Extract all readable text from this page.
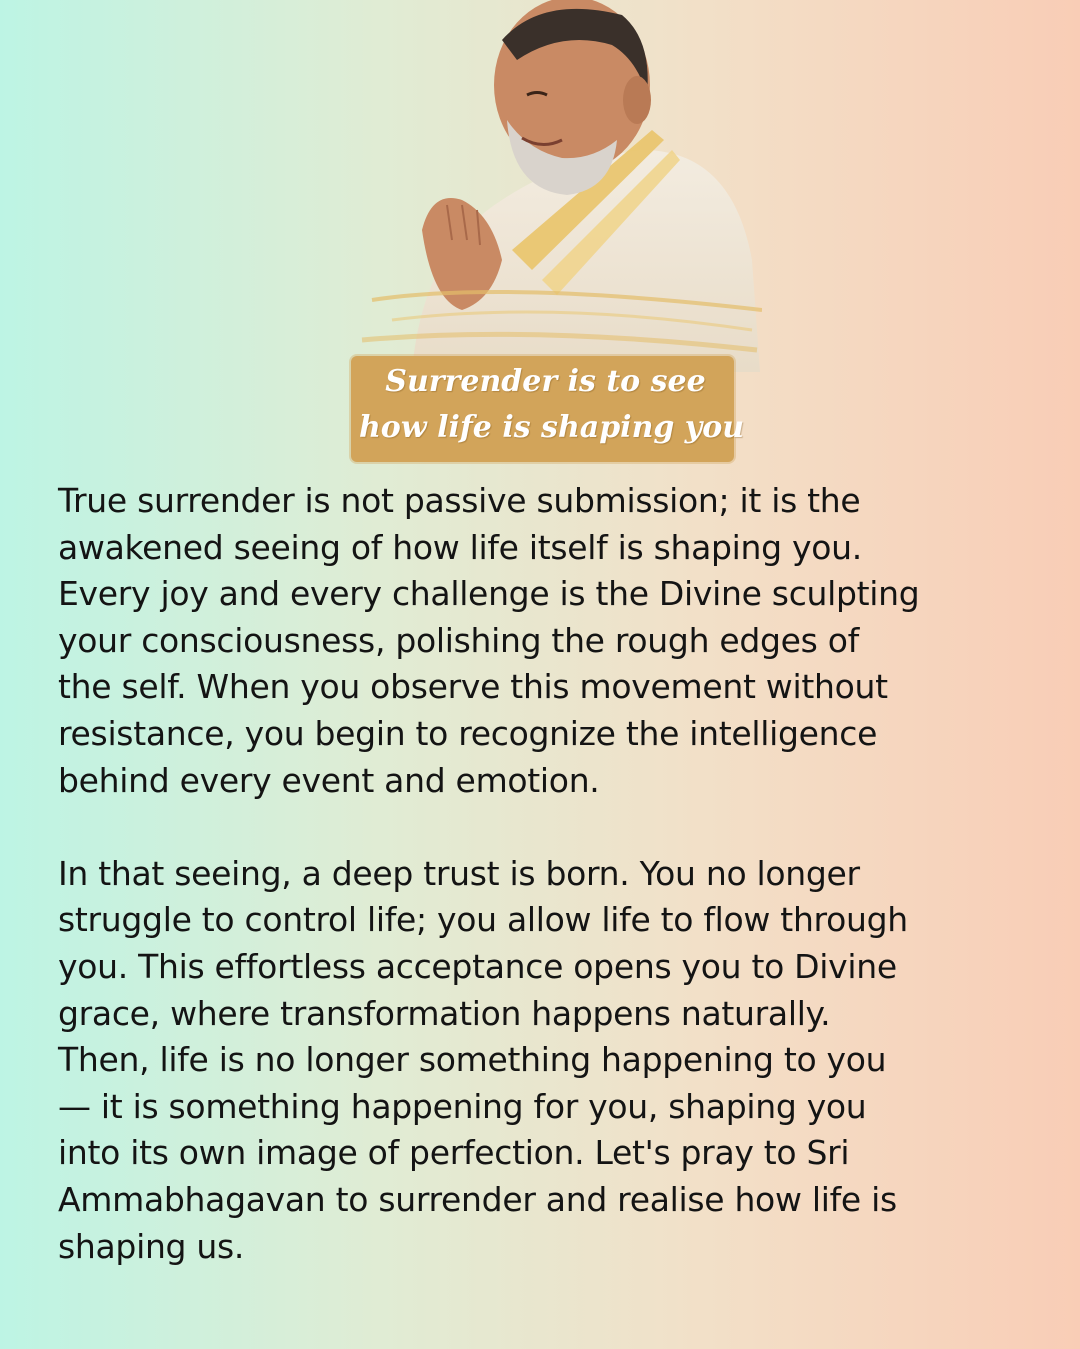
Surrender is to see
how life is shaping you
True surrender is not passive submission; it is the
awakened seeing of how life itself is shaping you.
Every joy and every challenge is the Divine sculpting
your consciousness, polishing the rough edges of
the self. When you observe this movement without
resistance, you begin to recognize the intelligence
behind every event and emotion.
In that seeing, a deep trust is born. You no longer
struggle to control life; you allow life to flow through
you. This effortless acceptance opens you to Divine
grace, where transformation happens naturally.
Then, life is no longer something happening to you
— it is something happening for you, shaping you
into its own image of perfection. Let's pray to Sri
Ammabhagavan to surrender and realise how life is
shaping us.
